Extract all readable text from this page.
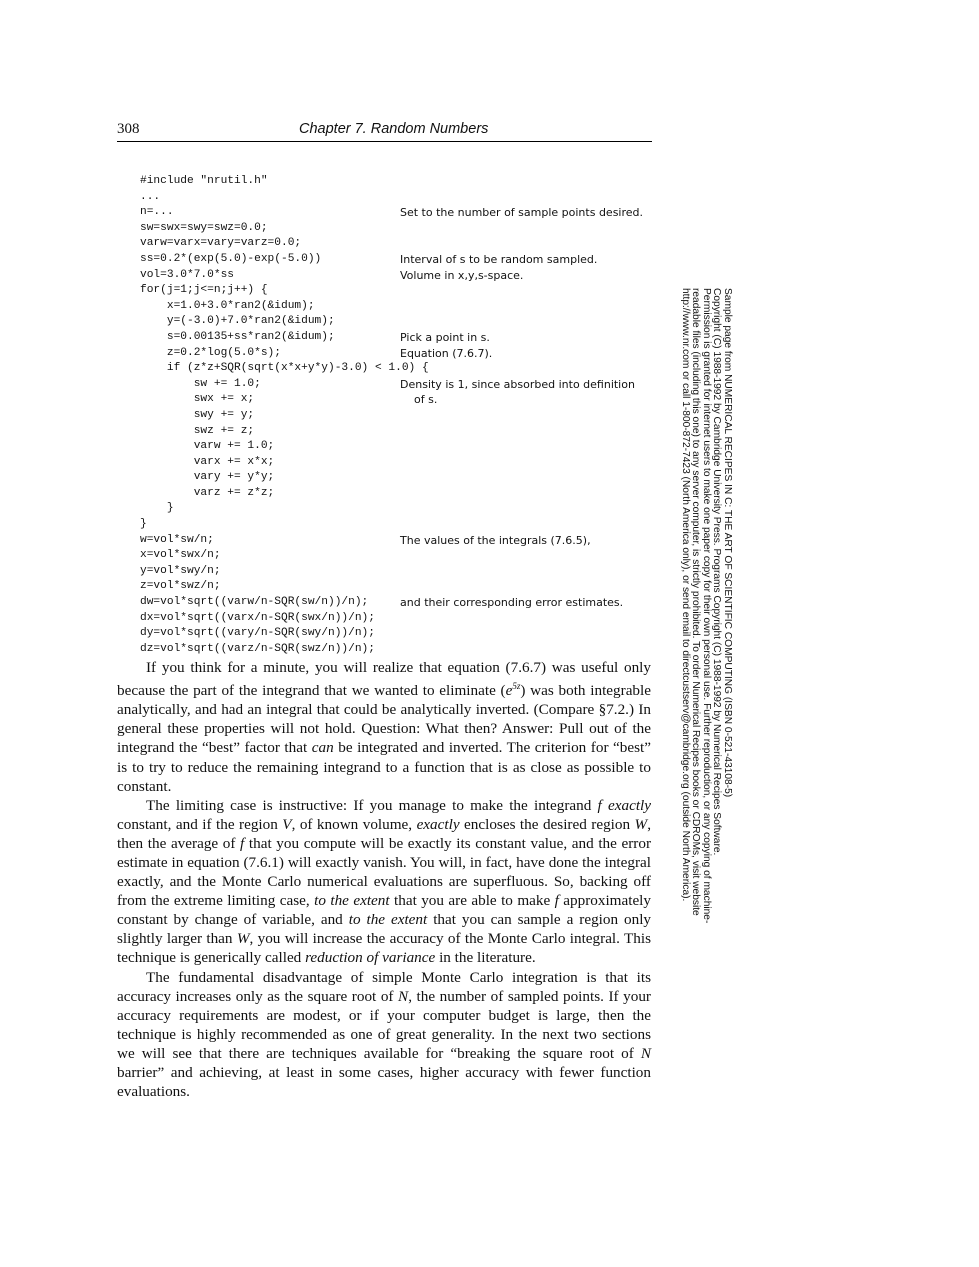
308	Chapter 7. Random Numbers
#include "nrutil.h"
...
n=...	Set to the number of sample points desired.
sw=swx=swy=swz=0.0;
varw=varx=vary=varz=0.0;
ss=0.2*(exp(5.0)-exp(-5.0))	Interval of s to be random sampled.
vol=3.0*7.0*ss	Volume in x,y,s-space.
for(j=1;j<=n;j++) {
x=1.0+3.0*ran2(&idum);
y=(-3.0)+7.0*ran2(&idum);
s=0.00135+ss*ran2(&idum);	Pick a point in s.
z=0.2*log(5.0*s);	Equation (7.6.7).
if (z*z+SQR(sqrt(x*x+y*y)-3.0) < 1.0) {
sw += 1.0;	Density is 1, since absorbed into definition
swx += x;	of s.
swy += y;
swz += z;
varw += 1.0;
varx += x*x;
vary += y*y;
varz += z*z;
}
}
w=vol*sw/n;	The values of the integrals (7.6.5),
x=vol*swx/n;
y=vol*swy/n;
z=vol*swz/n;
dw=vol*sqrt((varw/n-SQR(sw/n))/n);	and their corresponding error estimates.
dx=vol*sqrt((varx/n-SQR(swx/n))/n);
dy=vol*sqrt((vary/n-SQR(swy/n))/n);
dz=vol*sqrt((varz/n-SQR(swz/n))/n);

If you think for a minute, you will realize that equation (7.6.7) was useful only because the part of the integrand that we wanted to eliminate $(e^{5z})$ was both integrable analytically, and had an integral that could be analytically inverted. (Compare §7.2.) In general these properties will not hold. Question: What then? Answer: Pull out of the integrand the “best” factor that can be integrated and inverted. The criterion for “best” is to try to reduce the remaining integrand to a function that is as close as possible to constant.

The limiting case is instructive: If you manage to make the integrand f exactly constant, and if the region V, of known volume, exactly encloses the desired region W, then the average of f that you compute will be exactly its constant value, and the error estimate in equation (7.6.1) will exactly vanish. You will, in fact, have done the integral exactly, and the Monte Carlo numerical evaluations are superfluous. So, backing off from the extreme limiting case, to the extent that you are able to make f approximately constant by change of variable, and to the extent that you can sample a region only slightly larger than W, you will increase the accuracy of the Monte Carlo integral. This technique is generically called reduction of variance in the literature.

The fundamental disadvantage of simple Monte Carlo integration is that its accuracy increases only as the square root of N, the number of sampled points. If your accuracy requirements are modest, or if your computer budget is large, then the technique is highly recommended as one of great generality. In the next two sections we will see that there are techniques available for “breaking the square root of N barrier” and achieving, at least in some cases, higher accuracy with fewer function evaluations.

Sample page from NUMERICAL RECIPES IN C: THE ART OF SCIENTIFIC COMPUTING (ISBN 0-521-43108-5)
Copyright (C) 1988-1992 by Cambridge University Press. Programs Copyright (C) 1988-1992 by Numerical Recipes Software.
Permission is granted for internet users to make one paper copy for their own personal use. Further reproduction, or any copying of machine-
readable files (including this one) to any server computer, is strictly prohibited. To order Numerical Recipes books or CDROMs, visit website
http://www.nr.com or call 1-800-872-7423 (North America only), or send email to directcustserv@cambridge.org (outside North America).
